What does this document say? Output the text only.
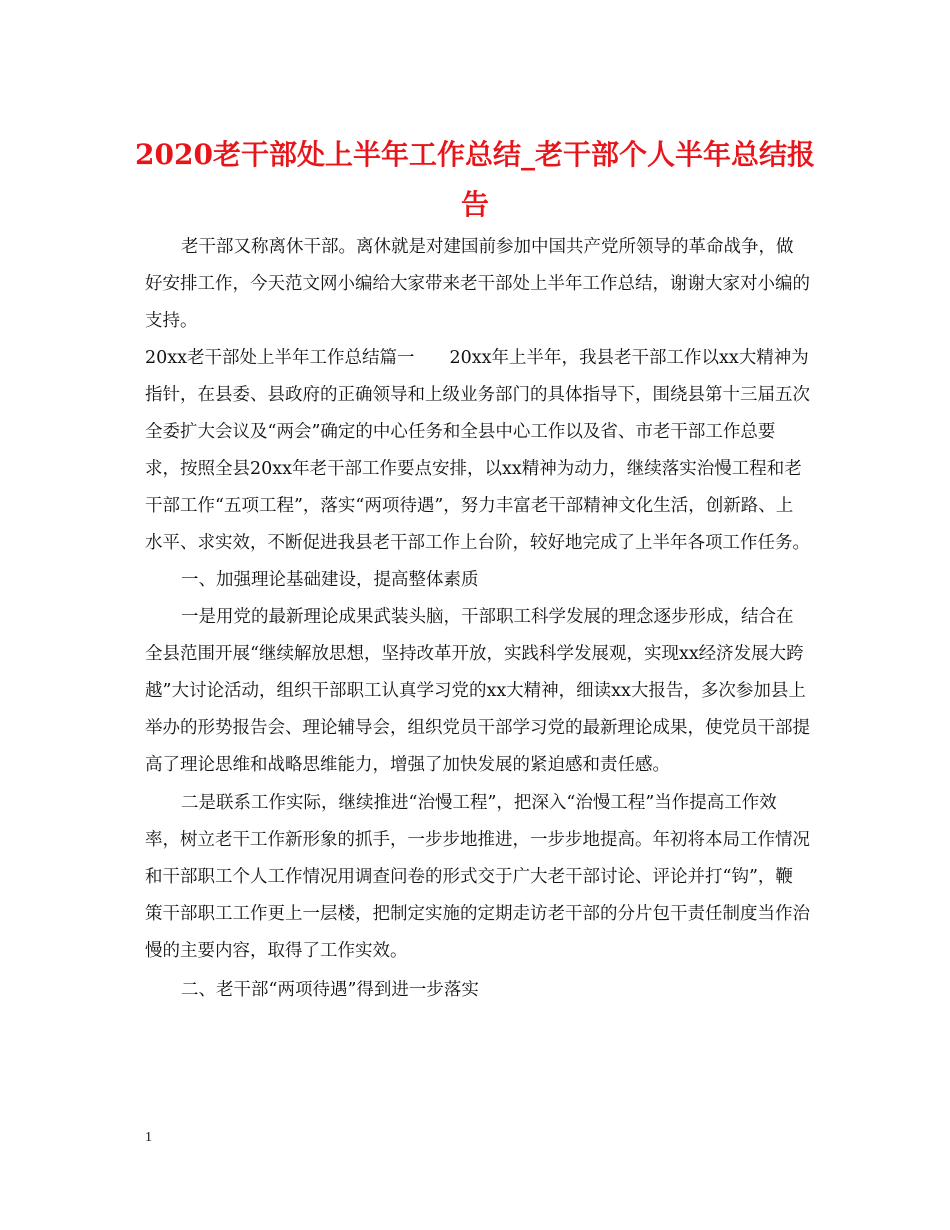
2020老干部处上半年工作总结_老干部个人半年总结报告

老干部又称离休干部。离休就是对建国前参加中国共产党所领导的革命战争，做好安排工作，今天范文网小编给大家带来老干部处上半年工作总结，谢谢大家对小编的支持。

20xx老干部处上半年工作总结篇一　　20xx年上半年，我县老干部工作以xx大精神为指针，在县委、县政府的正确领导和上级业务部门的具体指导下，围绕县第十三届五次全委扩大会议及“两会”确定的中心任务和全县中心工作以及省、市老干部工作总要求，按照全县20xx年老干部工作要点安排，以xx精神为动力，继续落实治慢工程和老干部工作“五项工程”，落实“两项待遇”，努力丰富老干部精神文化生活，创新路、上水平、求实效，不断促进我县老干部工作上台阶，较好地完成了上半年各项工作任务。

一、加强理论基础建设，提高整体素质

一是用党的最新理论成果武装头脑，干部职工科学发展的理念逐步形成，结合在全县范围开展“继续解放思想，坚持改革开放，实践科学发展观，实现xx经济发展大跨越”大讨论活动，组织干部职工认真学习党的xx大精神，细读xx大报告，多次参加县上举办的形势报告会、理论辅导会，组织党员干部学习党的最新理论成果，使党员干部提高了理论思维和战略思维能力，增强了加快发展的紧迫感和责任感。

二是联系工作实际，继续推进“治慢工程”，把深入“治慢工程”当作提高工作效率，树立老干工作新形象的抓手，一步步地推进，一步步地提高。年初将本局工作情况和干部职工个人工作情况用调查问卷的形式交于广大老干部讨论、评论并打“钩”，鞭策干部职工工作更上一层楼，把制定实施的定期走访老干部的分片包干责任制度当作治慢的主要内容，取得了工作实效。

二、老干部“两项待遇”得到进一步落实

1
